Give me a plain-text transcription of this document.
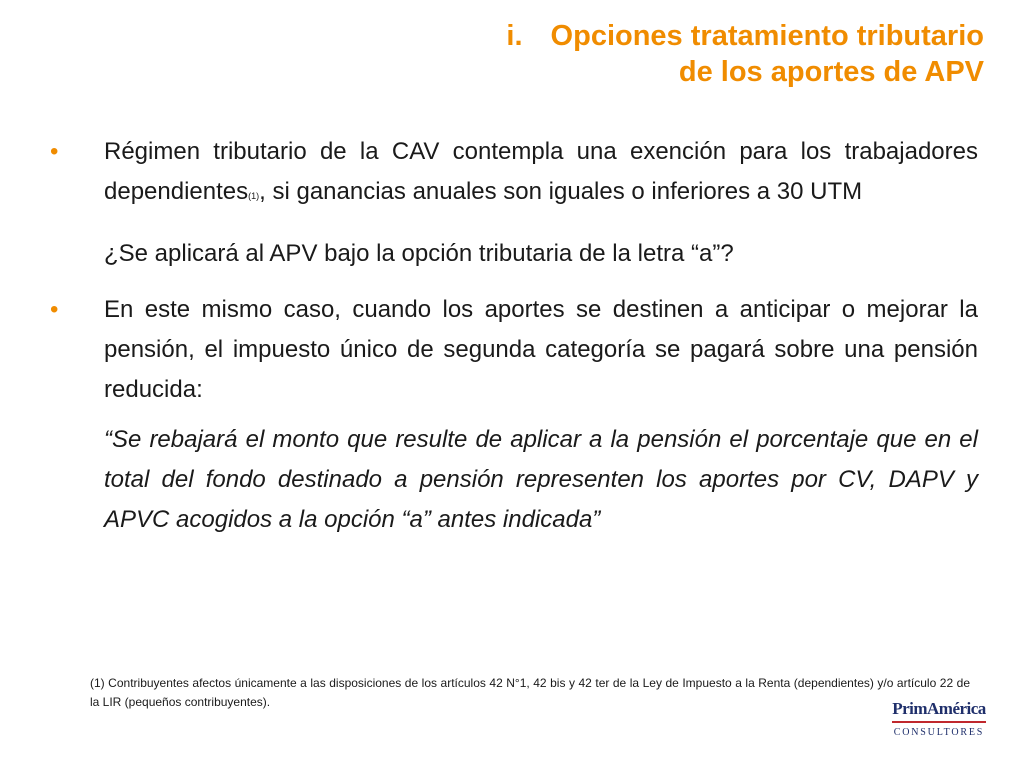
i. Opciones tratamiento tributario
de los aportes de APV
• Régimen tributario de la CAV contempla una exención para los trabajadores dependientes(1), si ganancias anuales son iguales o inferiores a 30 UTM
¿Se aplicará al APV bajo la opción tributaria de la letra “a”?
• En este mismo caso, cuando los aportes se destinen a anticipar o mejorar la pensión, el impuesto único de segunda categoría se pagará sobre una pensión reducida:
“Se rebajará el monto que resulte de aplicar a la pensión el porcentaje que en el total del fondo destinado a pensión representen los aportes por CV, DAPV y APVC acogidos a la opción “a” antes indicada”
(1) Contribuyentes afectos únicamente a las disposiciones de los artículos 42 N°1, 42 bis y 42 ter de la Ley de Impuesto a la Renta (dependientes) y/o artículo 22 de la LIR (pequeños contribuyentes).	PrimAmérica
CONSULTORES
